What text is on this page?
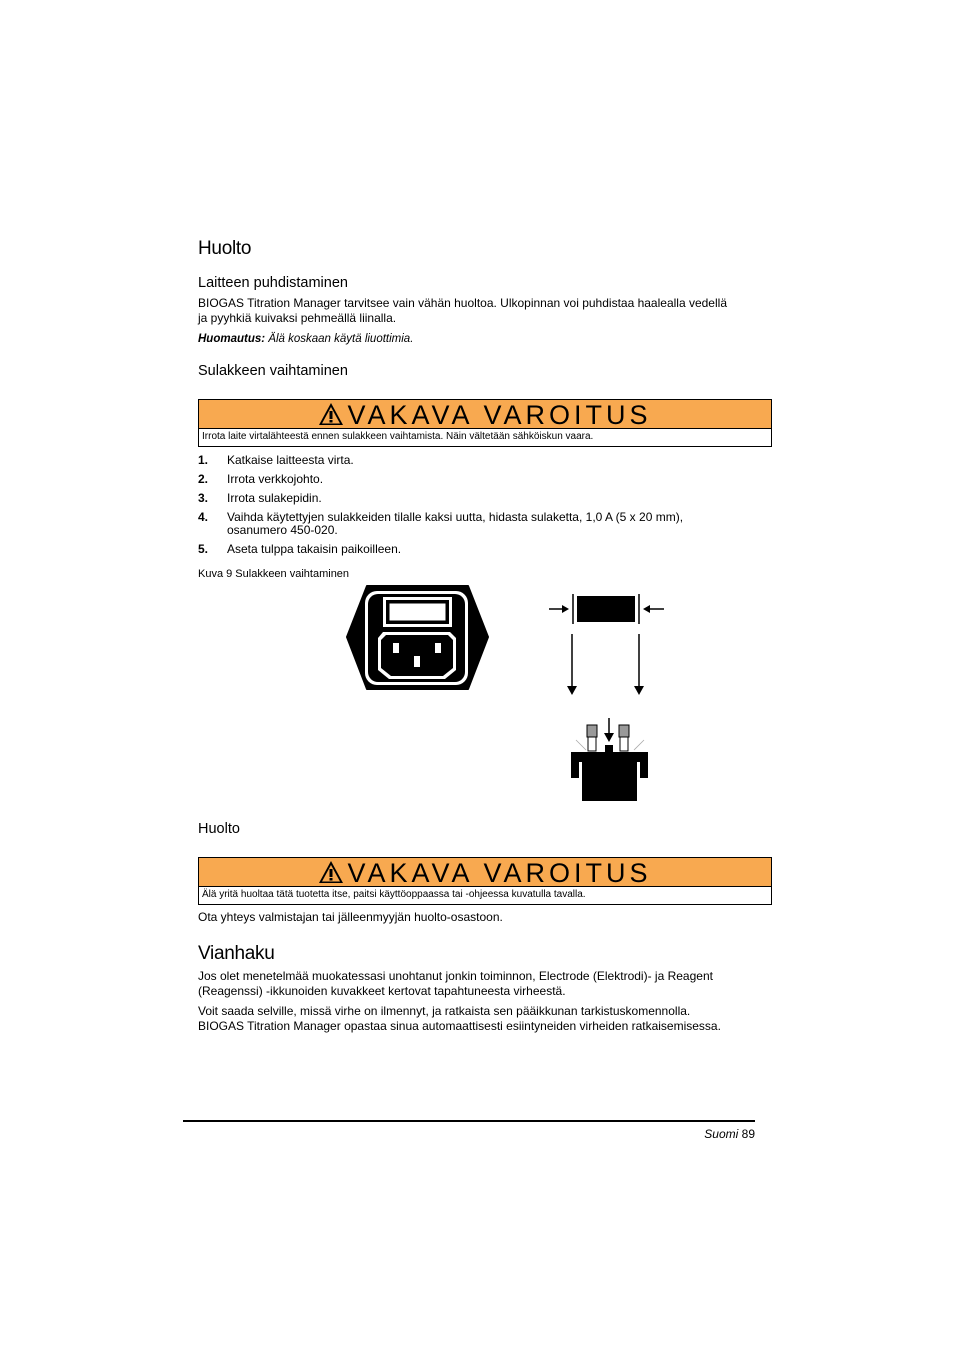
Huolto
Laitteen puhdistaminen
BIOGAS Titration Manager tarvitsee vain vähän huoltoa. Ulkopinnan voi puhdistaa haalealla vedellä
ja pyyhkiä kuivaksi pehmeällä liinalla.
Huomautus: Älä koskaan käytä liuottimia.
Sulakkeen vaihtaminen
VAKAVA VAROITUS
Irrota laite virtalähteestä ennen sulakkeen vaihtamista. Näin vältetään sähköiskun vaara.
1. Katkaise laitteesta virta.
2. Irrota verkkojohto.
3. Irrota sulakepidin.
4. Vaihda käytettyjen sulakkeiden tilalle kaksi uutta, hidasta sulaketta, 1,0 A (5 x 20 mm),
osanumero 450-020.
5. Aseta tulppa takaisin paikoilleen.
Kuva 9 Sulakkeen vaihtaminen
Huolto
VAKAVA VAROITUS
Älä yritä huoltaa tätä tuotetta itse, paitsi käyttöoppaassa tai -ohjeessa kuvatulla tavalla.
Ota yhteys valmistajan tai jälleenmyyjän huolto-osastoon.
Vianhaku
Jos olet menetelmää muokatessasi unohtanut jonkin toiminnon, Electrode (Elektrodi)- ja Reagent
(Reagenssi) -ikkunoiden kuvakkeet kertovat tapahtuneesta virheestä.
Voit saada selville, missä virhe on ilmennyt, ja ratkaista sen pääikkunan tarkistuskomennolla.
BIOGAS Titration Manager opastaa sinua automaattisesti esiintyneiden virheiden ratkaisemisessa.
Suomi 89
